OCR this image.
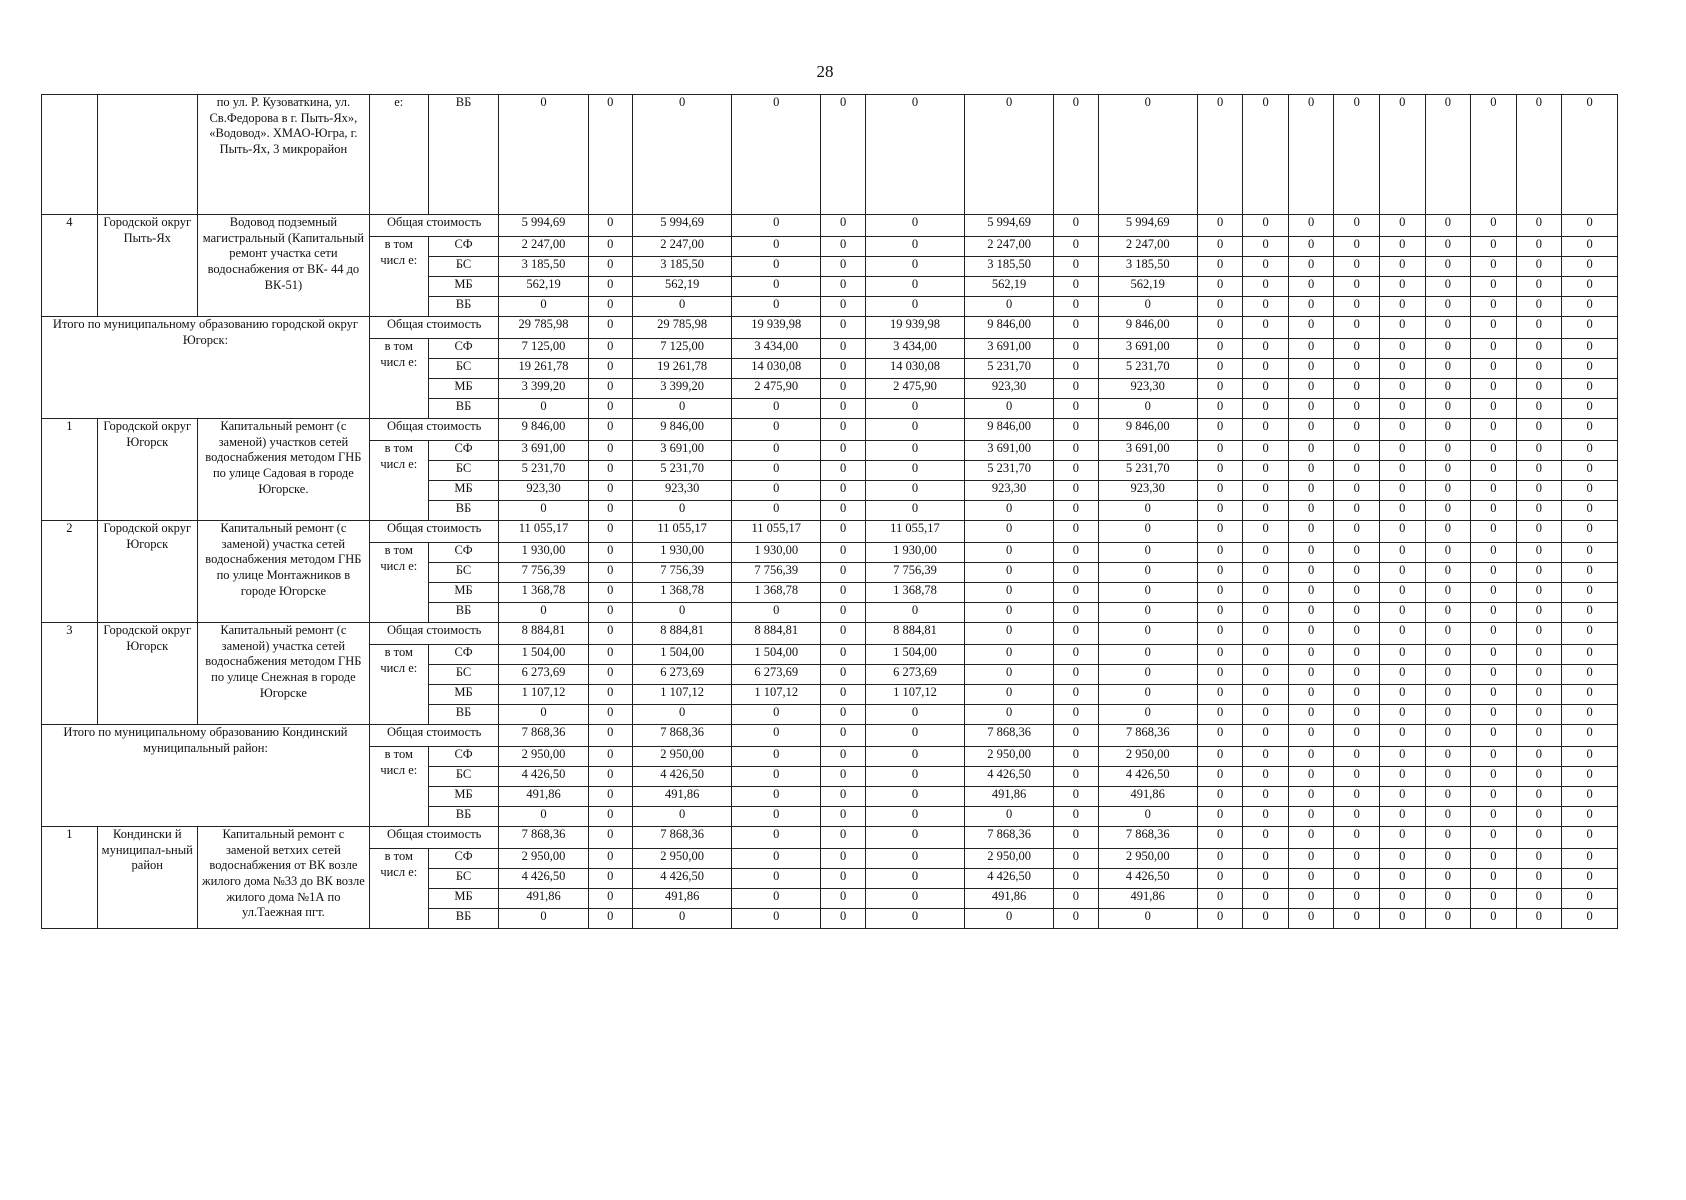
28
		по ул. Р. Кузоваткина, ул. Св.Федорова в г. Пыть-Ях», «Водовод». ХМАО-Югра, г. Пыть-Ях, 3 микрорайон	е:	ВБ	0	0	0	0	0	0	0	0	0	0	0	0	0	0	0	0	0	0
4	Городской округ Пыть-Ях	Водовод подземный магистральный (Капитальный ремонт участка сети водоснабжения от ВК- 44 до ВК-51)	Общая стоимость		5 994,69	0	5 994,69	0	0	0	5 994,69	0	5 994,69	0	0	0	0	0	0	0	0	0
			в том числ е:	СФ	2 247,00	0	2 247,00	0	0	0	2 247,00	0	2 247,00	0	0	0	0	0	0	0	0	0
				БС	3 185,50	0	3 185,50	0	0	0	3 185,50	0	3 185,50	0	0	0	0	0	0	0	0	0
				МБ	562,19	0	562,19	0	0	0	562,19	0	562,19	0	0	0	0	0	0	0	0	0
				ВБ	0	0	0	0	0	0	0	0	0	0	0	0	0	0	0	0	0	0
Итого по муниципальному образованию городской округ Югорск:			Общая стоимость		29 785,98	0	29 785,98	19 939,98	0	19 939,98	9 846,00	0	9 846,00	0	0	0	0	0	0	0	0	0
			в том числ е:	СФ	7 125,00	0	7 125,00	3 434,00	0	3 434,00	3 691,00	0	3 691,00	0	0	0	0	0	0	0	0	0
				БС	19 261,78	0	19 261,78	14 030,08	0	14 030,08	5 231,70	0	5 231,70	0	0	0	0	0	0	0	0	0
				МБ	3 399,20	0	3 399,20	2 475,90	0	2 475,90	923,30	0	923,30	0	0	0	0	0	0	0	0	0
				ВБ	0	0	0	0	0	0	0	0	0	0	0	0	0	0	0	0	0	0
1	Городской округ Югорск	Капитальный ремонт (с заменой) участков сетей водоснабжения методом ГНБ по улице Садовая в городе Югорске.	Общая стоимость		9 846,00	0	9 846,00	0	0	0	9 846,00	0	9 846,00	0	0	0	0	0	0	0	0	0
			в том числ е:	СФ	3 691,00	0	3 691,00	0	0	0	3 691,00	0	3 691,00	0	0	0	0	0	0	0	0	0
				БС	5 231,70	0	5 231,70	0	0	0	5 231,70	0	5 231,70	0	0	0	0	0	0	0	0	0
				МБ	923,30	0	923,30	0	0	0	923,30	0	923,30	0	0	0	0	0	0	0	0	0
				ВБ	0	0	0	0	0	0	0	0	0	0	0	0	0	0	0	0	0	0
2	Городской округ Югорск	Капитальный ремонт (с заменой) участка сетей водоснабжения методом ГНБ по улице Монтажников в городе Югорске	Общая стоимость		11 055,17	0	11 055,17	11 055,17	0	11 055,17	0	0	0	0	0	0	0	0	0	0	0	0
			в том числ е:	СФ	1 930,00	0	1 930,00	1 930,00	0	1 930,00	0	0	0	0	0	0	0	0	0	0	0	0
				БС	7 756,39	0	7 756,39	7 756,39	0	7 756,39	0	0	0	0	0	0	0	0	0	0	0	0
				МБ	1 368,78	0	1 368,78	1 368,78	0	1 368,78	0	0	0	0	0	0	0	0	0	0	0	0
				ВБ	0	0	0	0	0	0	0	0	0	0	0	0	0	0	0	0	0	0
3	Городской округ Югорск	Капитальный ремонт (с заменой) участка сетей водоснабжения методом ГНБ по улице Снежная в городе Югорске	Общая стоимость		8 884,81	0	8 884,81	8 884,81	0	8 884,81	0	0	0	0	0	0	0	0	0	0	0	0
			в том числ е:	СФ	1 504,00	0	1 504,00	1 504,00	0	1 504,00	0	0	0	0	0	0	0	0	0	0	0	0
				БС	6 273,69	0	6 273,69	6 273,69	0	6 273,69	0	0	0	0	0	0	0	0	0	0	0	0
				МБ	1 107,12	0	1 107,12	1 107,12	0	1 107,12	0	0	0	0	0	0	0	0	0	0	0	0
				ВБ	0	0	0	0	0	0	0	0	0	0	0	0	0	0	0	0	0	0
Итого по муниципальному образованию Кондинский муниципальный район:			Общая стоимость		7 868,36	0	7 868,36	0	0	0	7 868,36	0	7 868,36	0	0	0	0	0	0	0	0	0
			в том числ е:	СФ	2 950,00	0	2 950,00	0	0	0	2 950,00	0	2 950,00	0	0	0	0	0	0	0	0	0
				БС	4 426,50	0	4 426,50	0	0	0	4 426,50	0	4 426,50	0	0	0	0	0	0	0	0	0
				МБ	491,86	0	491,86	0	0	0	491,86	0	491,86	0	0	0	0	0	0	0	0	0
				ВБ	0	0	0	0	0	0	0	0	0	0	0	0	0	0	0	0	0	0
1	Кондински й муниципал-ьный район	Капитальный ремонт с заменой ветхих сетей водоснабжения от ВК возле жилого дома №33 до ВК возле жилого дома №1А по ул.Таежная пгт.	Общая стоимость		7 868,36	0	7 868,36	0	0	0	7 868,36	0	7 868,36	0	0	0	0	0	0	0	0	0
			в том числ е:	СФ	2 950,00	0	2 950,00	0	0	0	2 950,00	0	2 950,00	0	0	0	0	0	0	0	0	0
				БС	4 426,50	0	4 426,50	0	0	0	4 426,50	0	4 426,50	0	0	0	0	0	0	0	0	0
				МБ	491,86	0	491,86	0	0	0	491,86	0	491,86	0	0	0	0	0	0	0	0	0
				ВБ	0	0	0	0	0	0	0	0	0	0	0	0	0	0	0	0	0	0
